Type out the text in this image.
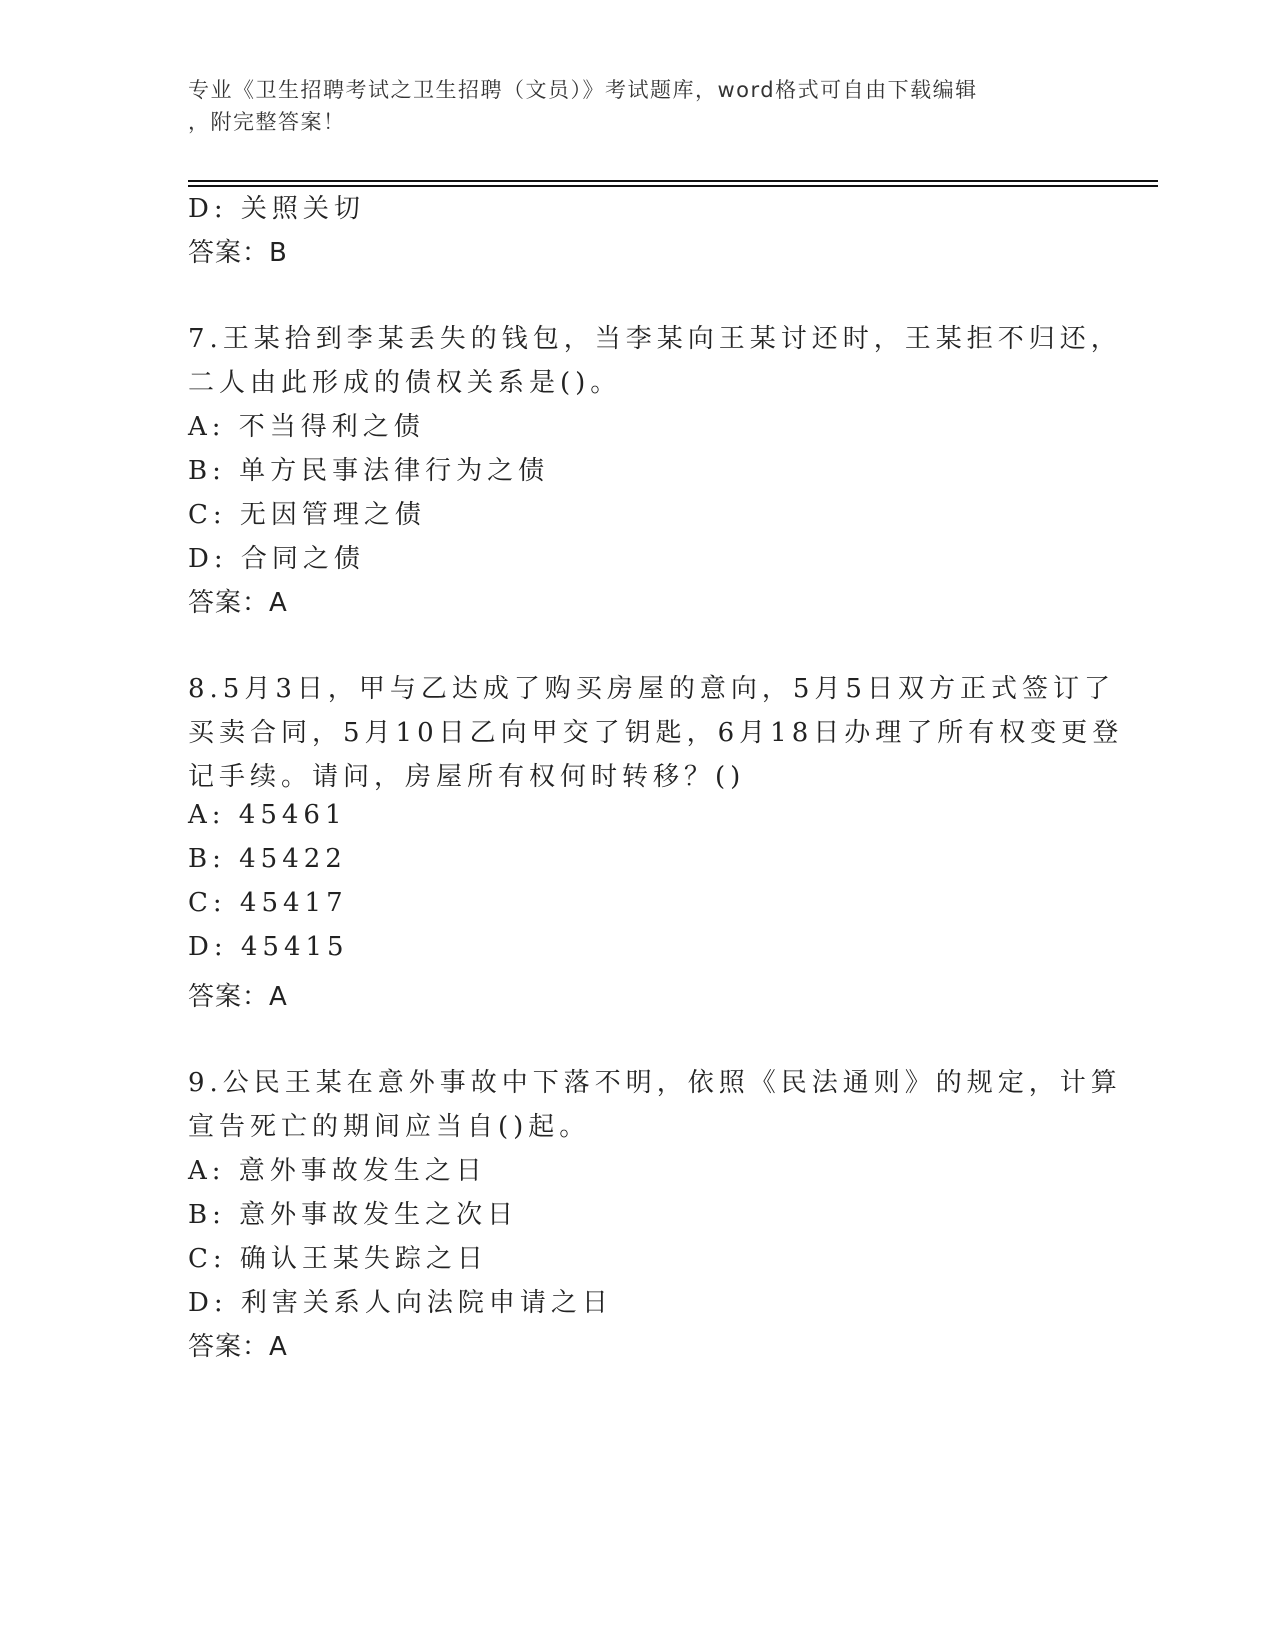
专业《卫生招聘考试之卫生招聘（文员）》考试题库，word格式可自由下载编辑
，附完整答案！

D: 关照关切

答案：B

7.王某拾到李某丢失的钱包，当李某向王某讨还时，王某拒不归还，

二人由此形成的债权关系是()。

A: 不当得利之债

B: 单方民事法律行为之债

C: 无因管理之债

D: 合同之债

答案：A

8.5月3日，甲与乙达成了购买房屋的意向，5月5日双方正式签订了

买卖合同，5月10日乙向甲交了钥匙，6月18日办理了所有权变更登

记手续。请问，房屋所有权何时转移？()

A: 45461

B: 45422

C: 45417

D: 45415

答案：A

9.公民王某在意外事故中下落不明，依照《民法通则》的规定，计算

宣告死亡的期间应当自()起。

A: 意外事故发生之日

B: 意外事故发生之次日

C: 确认王某失踪之日

D: 利害关系人向法院申请之日

答案：A
